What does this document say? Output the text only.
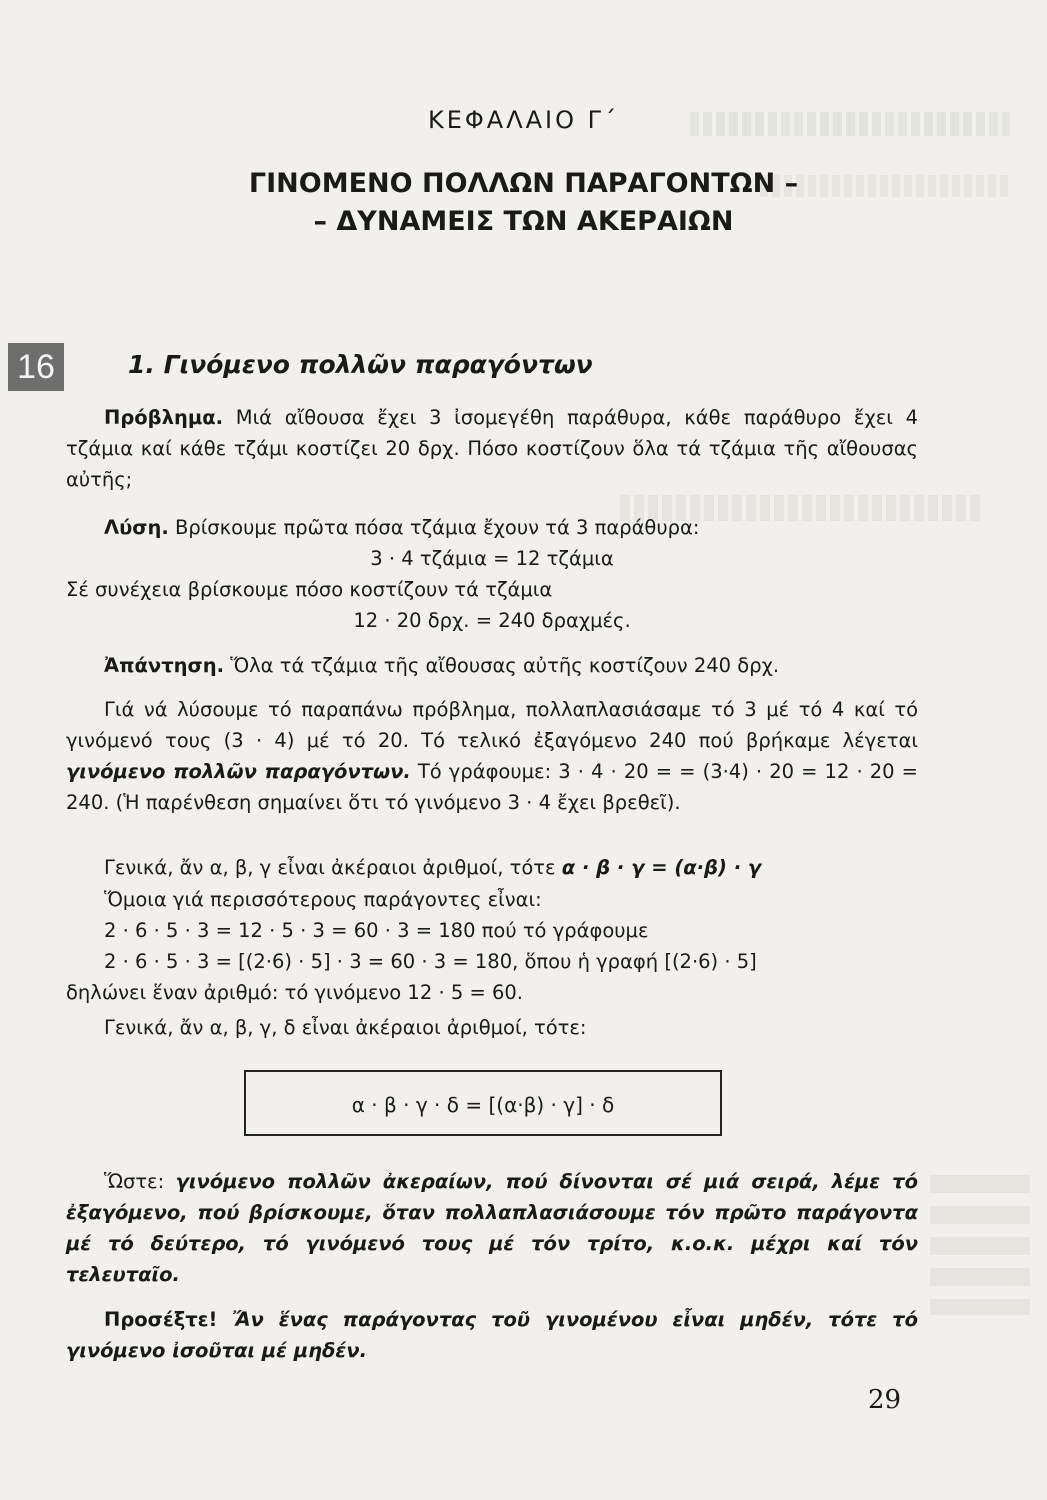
ΚΕΦΑΛΑΙΟ Γ΄
ΓΙΝΟΜΕΝΟ ΠΟΛΛΩΝ ΠΑΡΑΓΟΝΤΩΝ –
– ΔΥΝΑΜΕΙΣ ΤΩΝ ΑΚΕΡΑΙΩΝ
16	1. Γινόμενο πολλῶν παραγόντων

Πρόβλημα. Μιά αἴθουσα ἔχει 3 ἰσομεγέθη παράθυρα, κάθε παράθυρο ἔχει 4 τζάμια καί κάθε τζάμι κοστίζει 20 δρχ. Πόσο κοστίζουν ὅλα τά τζάμια τῆς αἴθουσας αὐτῆς;

Λύση. Βρίσκουμε πρῶτα πόσα τζάμια ἔχουν τά 3 παράθυρα:

3 · 4 τζάμια = 12 τζάμια

Σέ συνέχεια βρίσκουμε πόσο κοστίζουν τά τζάμια

12 · 20 δρχ. = 240 δραχμές.

Ἀπάντηση. Ὅλα τά τζάμια τῆς αἴθουσας αὐτῆς κοστίζουν 240 δρχ.

Γιά νά λύσουμε τό παραπάνω πρόβλημα, πολλαπλασιάσαμε τό 3 μέ τό 4 καί τό γινόμενό τους (3 · 4) μέ τό 20. Τό τελικό ἐξαγόμενο 240 πού βρήκαμε λέγεται γινόμενο πολλῶν παραγόντων. Τό γράφουμε: 3 · 4 · 20 = = (3·4) · 20 = 12 · 20 = 240. (Ἡ παρένθεση σημαίνει ὅτι τό γινόμενο 3 · 4 ἔχει βρεθεῖ).

Γενικά, ἄν α, β, γ εἶναι ἀκέραιοι ἀριθμοί, τότε α · β · γ = (α·β) · γ

Ὅμοια γιά περισσότερους παράγοντες εἶναι:

2 · 6 · 5 · 3 = 12 · 5 · 3 = 60 · 3 = 180 πού τό γράφουμε

2 · 6 · 5 · 3 = [(2·6) · 5] · 3 = 60 · 3 = 180, ὅπου ἡ γραφή [(2·6) · 5]

δηλώνει ἕναν ἀριθμό: τό γινόμενο 12 · 5 = 60.

Γενικά, ἄν α, β, γ, δ εἶναι ἀκέραιοι ἀριθμοί, τότε:

α · β · γ · δ = [(α·β) · γ] · δ

Ὥστε: γινόμενο πολλῶν ἀκεραίων, πού δίνονται σέ μιά σειρά, λέμε τό ἐξαγόμενο, πού βρίσκουμε, ὅταν πολλαπλασιάσουμε τόν πρῶτο παράγοντα μέ τό δεύτερο, τό γινόμενό τους μέ τόν τρίτο, κ.ο.κ. μέχρι καί τόν τελευταῖο.

Προσέξτε! Ἄν ἕνας παράγοντας τοῦ γινομένου εἶναι μηδέν, τότε τό γινόμενο ἰσοῦται μέ μηδέν.

29
